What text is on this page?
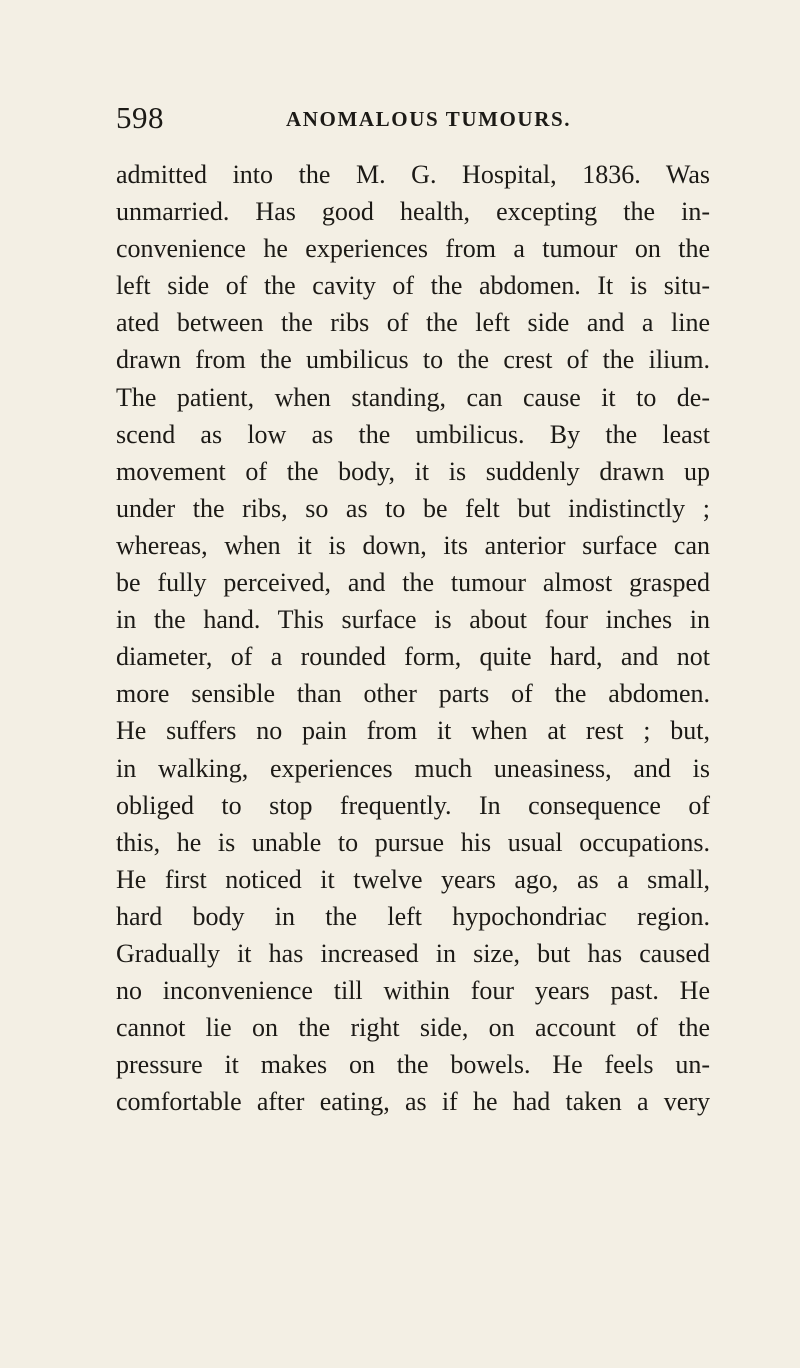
598	ANOMALOUS TUMOURS.
admitted into the M. G. Hospital, 1836. Was
unmarried. Has good health, excepting the in-
convenience he experiences from a tumour on the
left side of the cavity of the abdomen. It is situ-
ated between the ribs of the left side and a line
drawn from the umbilicus to the crest of the ilium.
The patient, when standing, can cause it to de-
scend as low as the umbilicus. By the least
movement of the body, it is suddenly drawn up
under the ribs, so as to be felt but indistinctly ;
whereas, when it is down, its anterior surface can
be fully perceived, and the tumour almost grasped
in the hand. This surface is about four inches in
diameter, of a rounded form, quite hard, and not
more sensible than other parts of the abdomen.
He suffers no pain from it when at rest ; but,
in walking, experiences much uneasiness, and is
obliged to stop frequently. In consequence of
this, he is unable to pursue his usual occupations.
He first noticed it twelve years ago, as a small,
hard body in the left hypochondriac region.
Gradually it has increased in size, but has caused
no inconvenience till within four years past. He
cannot lie on the right side, on account of the
pressure it makes on the bowels. He feels un-
comfortable after eating, as if he had taken a very
